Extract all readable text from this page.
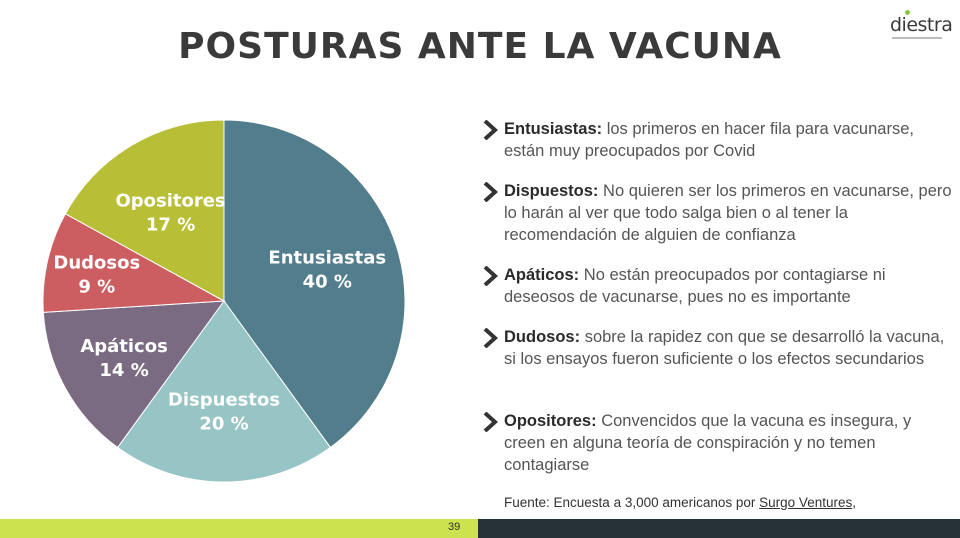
POSTURAS ANTE LA VACUNA
diestra
Entusiastas
40 %
Dispuestos
20 %
Apáticos
14 %
Dudosos
9 %
Opositores
17 %
Entusiastas: los primeros en hacer fila para vacunarse, están muy preocupados por Covid
Dispuestos: No quieren ser los primeros en vacunarse, pero lo harán al ver que todo salga bien o al tener la recomendación de alguien de confianza
Apáticos: No están preocupados por contagiarse ni deseosos de vacunarse, pues no es importante
Dudosos: sobre la rapidez con que se desarrolló la vacuna, si los ensayos fueron suficiente o los efectos secundarios
Opositores: Convencidos que la vacuna es insegura, y creen en alguna teoría de conspiración y no temen contagiarse
Fuente: Encuesta a 3,000 americanos por Surgo Ventures,
39
